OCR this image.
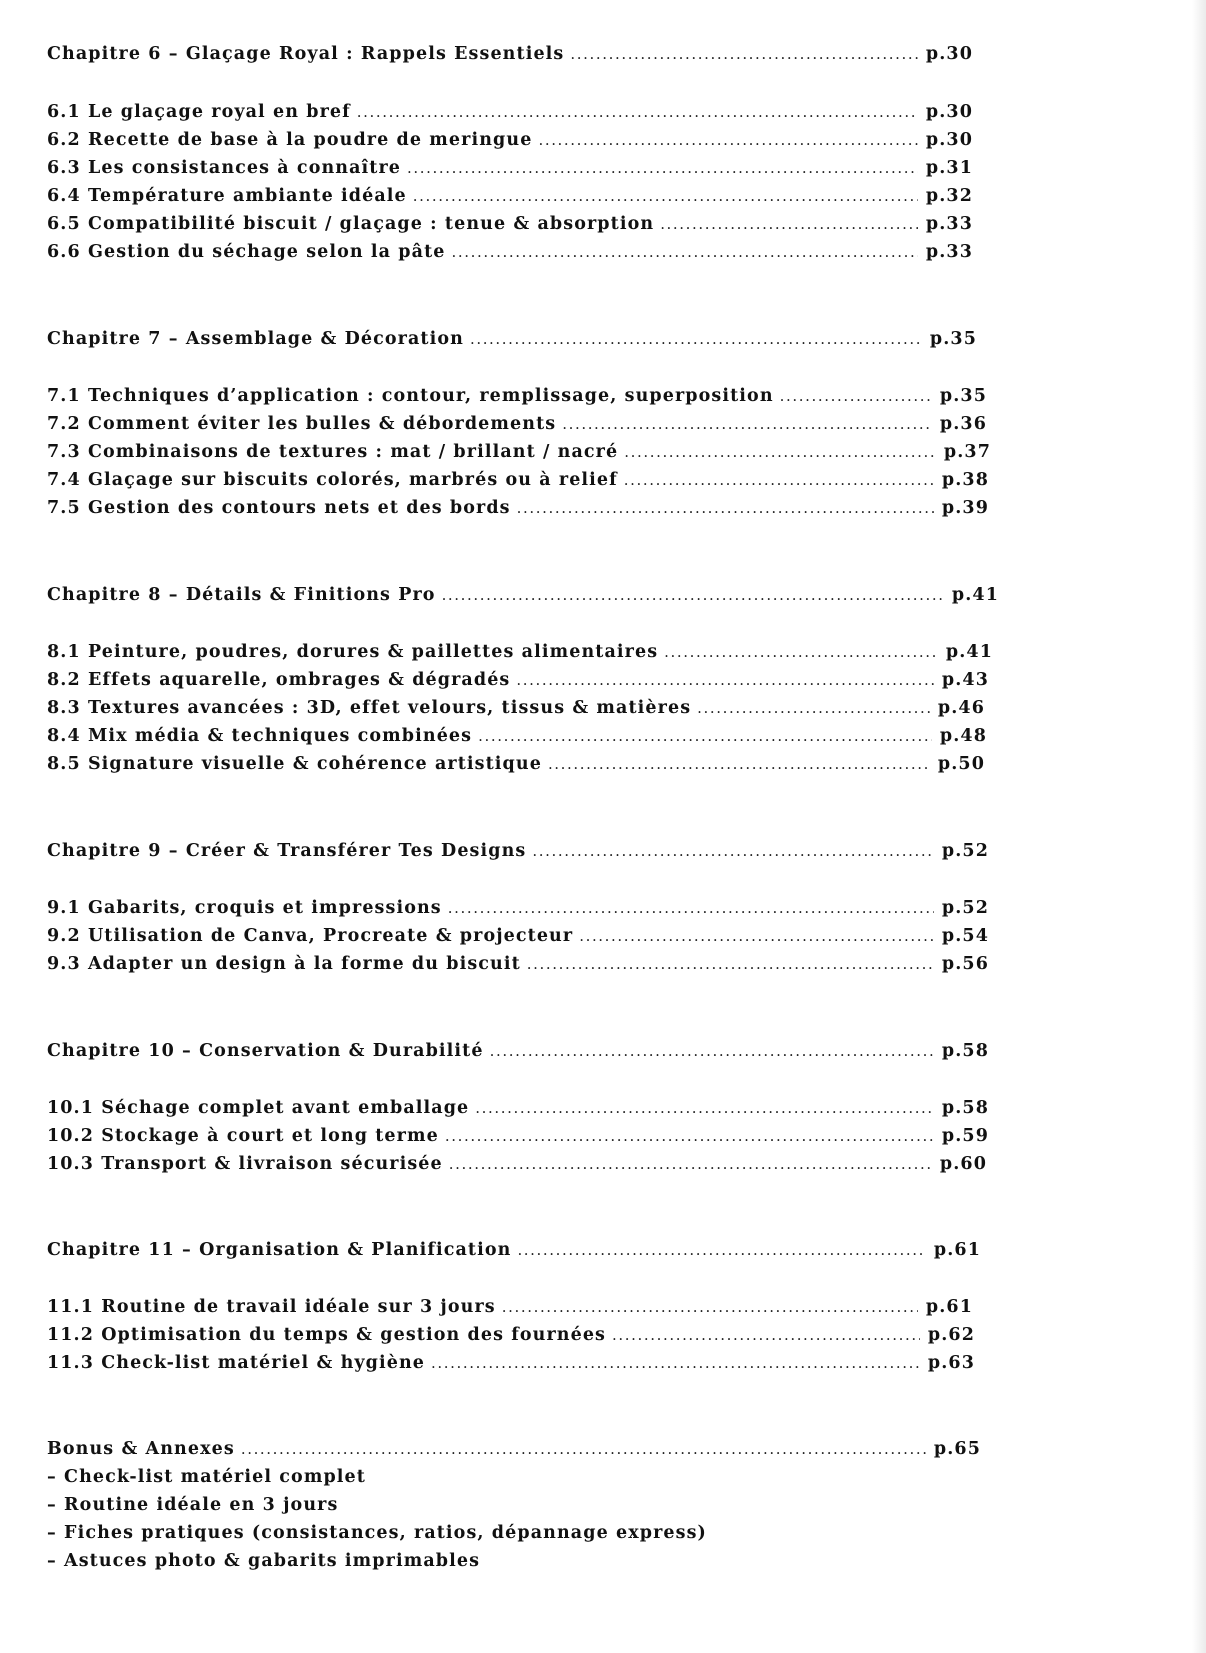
Chapitre 6 – Glaçage Royal : Rappels Essentiels .....	p.30
6.1 Le glaçage royal en bref .....	p.30
6.2 Recette de base à la poudre de meringue .....	p.30
6.3 Les consistances à connaître .....	p.31
6.4 Température ambiante idéale .....	p.32
6.5 Compatibilité biscuit / glaçage : tenue & absorption .....	p.33
6.6 Gestion du séchage selon la pâte .....	p.33
Chapitre 7 – Assemblage & Décoration .....	p.35
7.1 Techniques d’application : contour, remplissage, superposition .....	p.35
7.2 Comment éviter les bulles & débordements .....	p.36
7.3 Combinaisons de textures : mat / brillant / nacré .....	p.37
7.4 Glaçage sur biscuits colorés, marbrés ou à relief .....	p.38
7.5 Gestion des contours nets et des bords .....	p.39
Chapitre 8 – Détails & Finitions Pro .....	p.41
8.1 Peinture, poudres, dorures & paillettes alimentaires .....	p.41
8.2 Effets aquarelle, ombrages & dégradés .....	p.43
8.3 Textures avancées : 3D, effet velours, tissus & matières .....	p.46
8.4 Mix média & techniques combinées .....	p.48
8.5 Signature visuelle & cohérence artistique .....	p.50
Chapitre 9 – Créer & Transférer Tes Designs .....	p.52
9.1 Gabarits, croquis et impressions .....	p.52
9.2 Utilisation de Canva, Procreate & projecteur .....	p.54
9.3 Adapter un design à la forme du biscuit .....	p.56
Chapitre 10 – Conservation & Durabilité .....	p.58
10.1 Séchage complet avant emballage .....	p.58
10.2 Stockage à court et long terme .....	p.59
10.3 Transport & livraison sécurisée .....	p.60
Chapitre 11 – Organisation & Planification .....	p.61
11.1 Routine de travail idéale sur 3 jours .....	p.61
11.2 Optimisation du temps & gestion des fournées .....	p.62
11.3 Check-list matériel & hygiène .....	p.63
Bonus & Annexes .....	p.65
– Check-list matériel complet
– Routine idéale en 3 jours
– Fiches pratiques (consistances, ratios, dépannage express)
– Astuces photo & gabarits imprimables
